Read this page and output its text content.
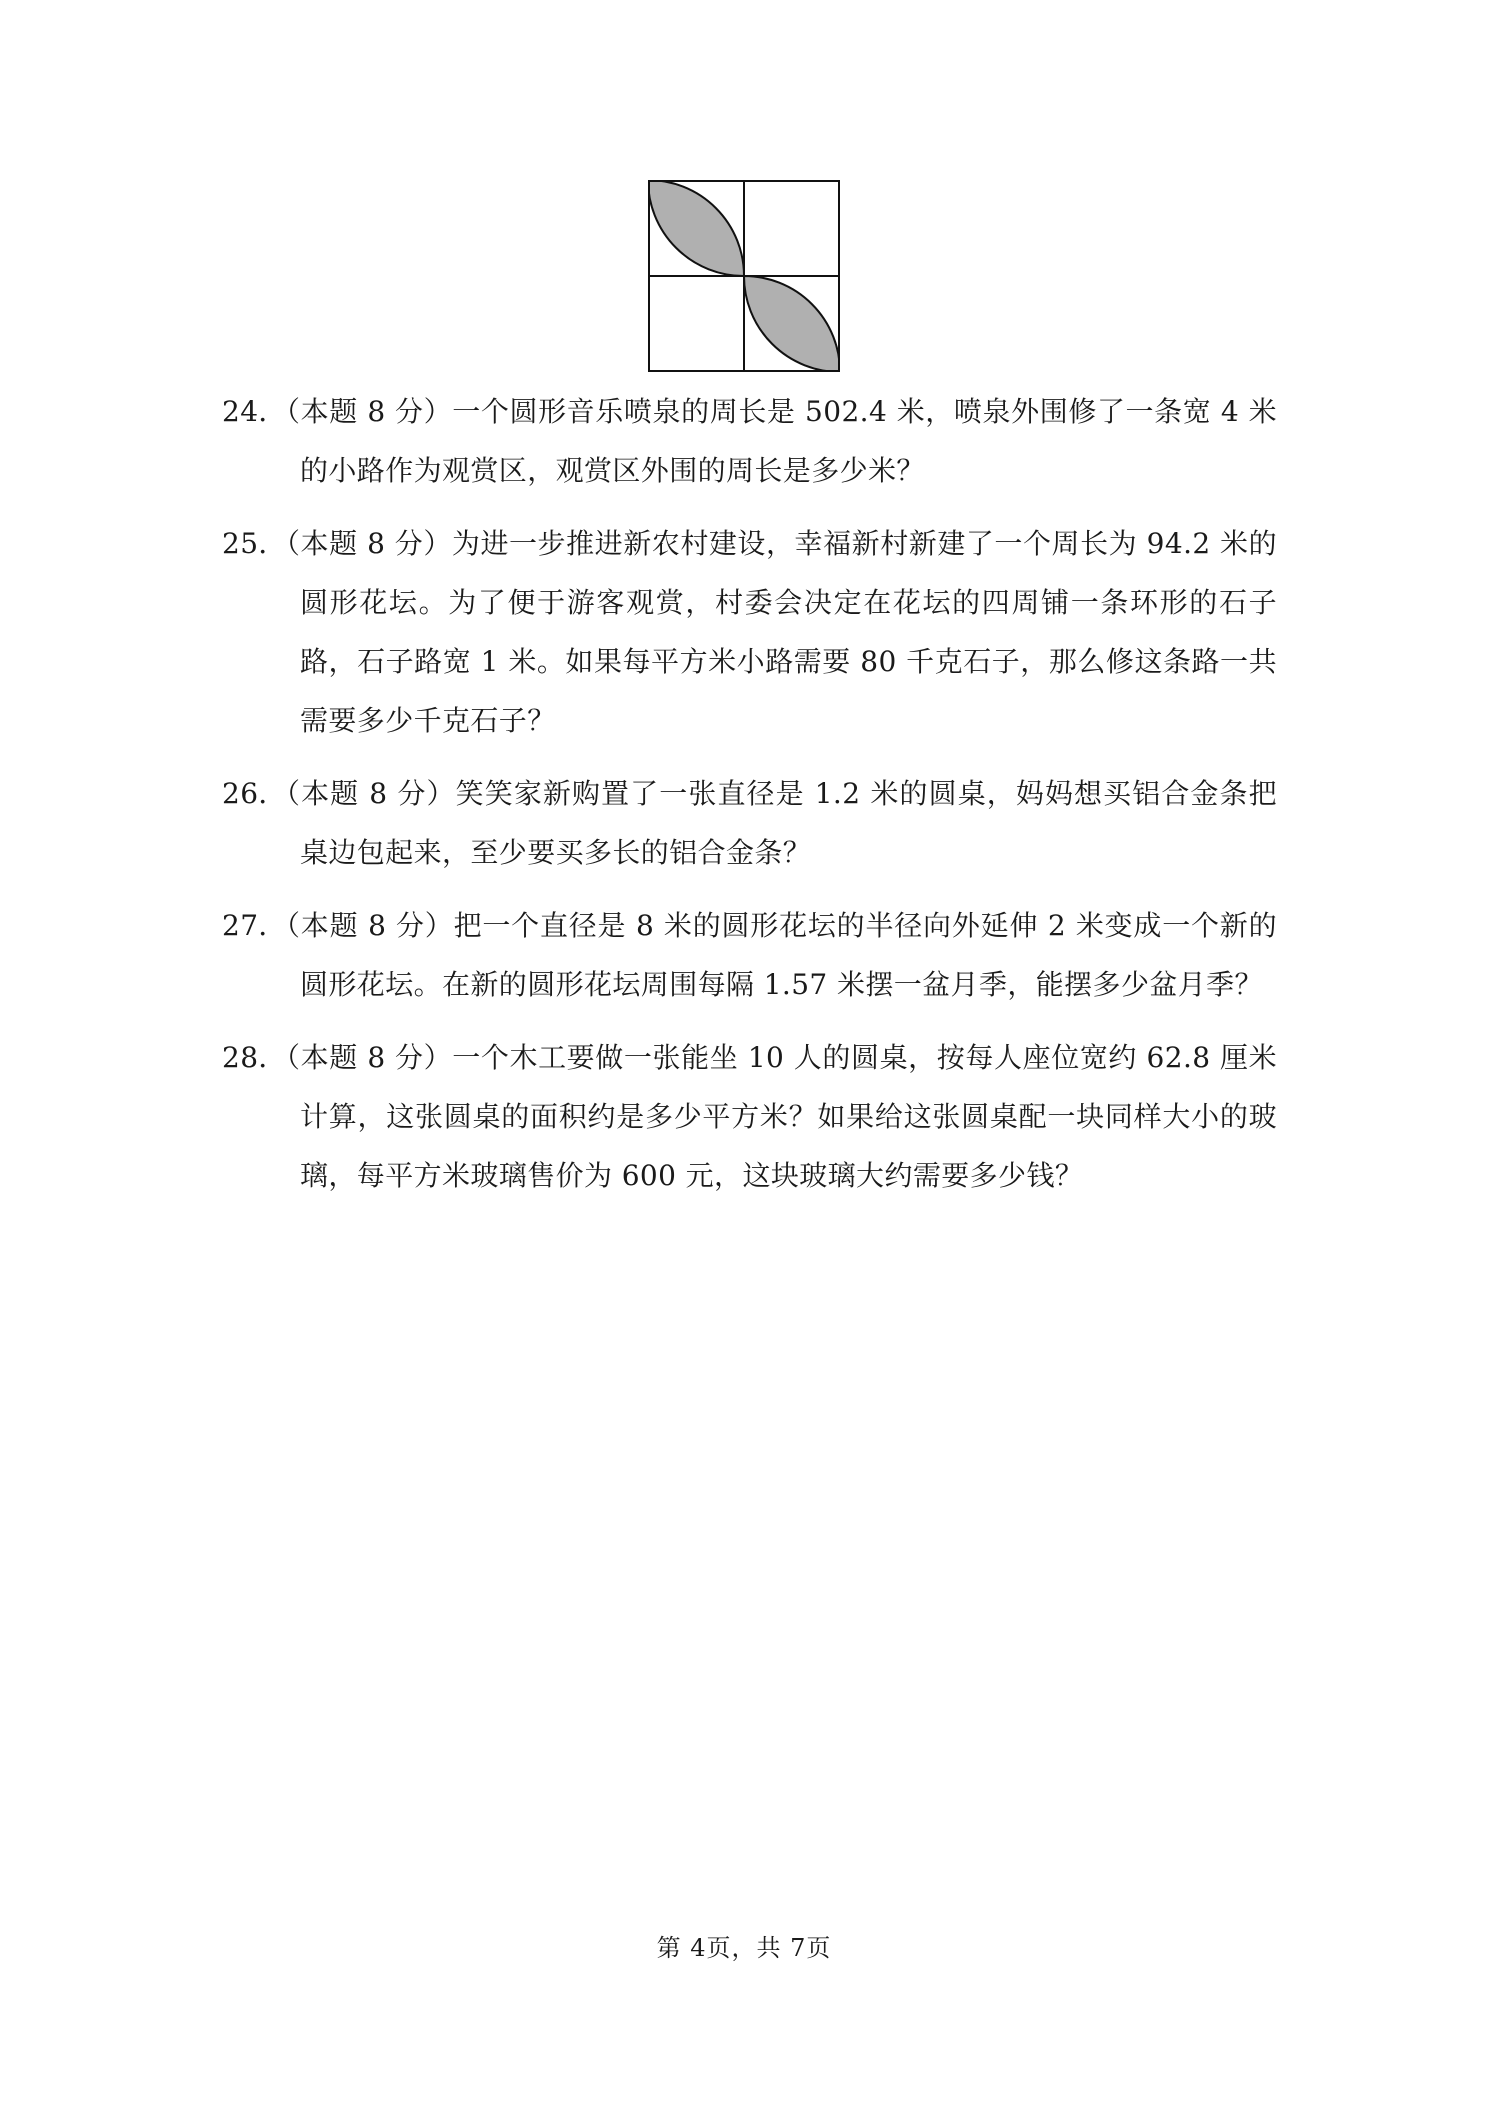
24．
（本题 8 分）一个圆形音乐喷泉的周长是 502.4 米，喷泉外围修了一条宽 4 米的小路作为观赏区，观赏区外围的周长是多少米？
25．
（本题 8 分）为进一步推进新农村建设，幸福新村新建了一个周长为 94.2 米的圆形花坛。为了便于游客观赏，村委会决定在花坛的四周铺一条环形的石子路，石子路宽 1 米。如果每平方米小路需要 80 千克石子，那么修这条路一共需要多少千克石子？
26．
（本题 8 分）笑笑家新购置了一张直径是 1.2 米的圆桌，妈妈想买铝合金条把桌边包起来，至少要买多长的铝合金条？
27．
（本题 8 分）把一个直径是 8 米的圆形花坛的半径向外延伸 2 米变成一个新的圆形花坛。在新的圆形花坛周围每隔 1.57 米摆一盆月季，能摆多少盆月季？
28．
（本题 8 分）一个木工要做一张能坐 10 人的圆桌，按每人座位宽约 62.8 厘米计算，这张圆桌的面积约是多少平方米？如果给这张圆桌配一块同样大小的玻璃，每平方米玻璃售价为 600 元，这块玻璃大约需要多少钱？
第 4页，共 7页
